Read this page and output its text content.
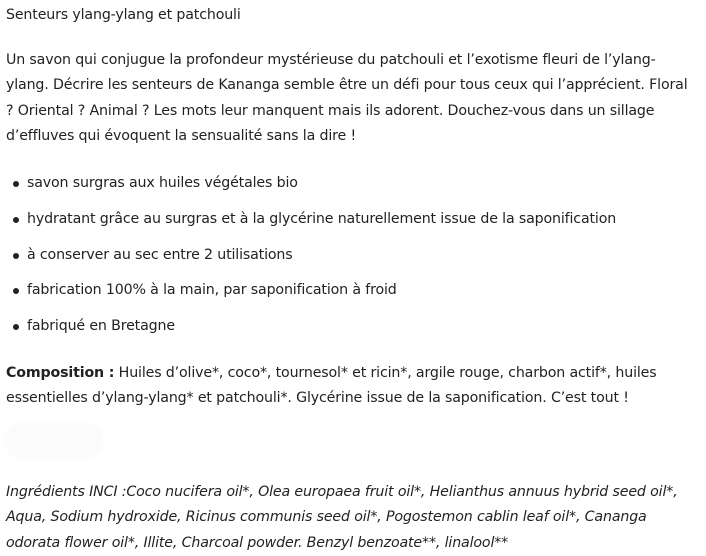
Senteurs ylang-ylang et patchouli

Un savon qui conjugue la profondeur mystérieuse du patchouli et l’exotisme fleuri de l’ylang-ylang. Décrire les senteurs de Kananga semble être un défi pour tous ceux qui l’apprécient. Floral ? Oriental ? Animal ? Les mots leur manquent mais ils adorent. Douchez-vous dans un sillage d’effluves qui évoquent la sensualité sans la dire !

savon surgras aux huiles végétales bio
hydratant grâce au surgras et à la glycérine naturellement issue de la saponification
à conserver au sec entre 2 utilisations
fabrication 100% à la main, par saponification à froid
fabriqué en Bretagne

Composition : Huiles d’olive*, coco*, tournesol* et ricin*, argile rouge, charbon actif*, huiles essentielles d’ylang-ylang* et patchouli*. Glycérine issue de la saponification. C’est tout !

Ingrédients INCI :Coco nucifera oil*, Olea europaea fruit oil*, Helianthus annuus hybrid seed oil*, Aqua, Sodium hydroxide, Ricinus communis seed oil*, Pogostemon cablin leaf oil*, Cananga odorata flower oil*, Illite, Charcoal powder. Benzyl benzoate**, linalool**
